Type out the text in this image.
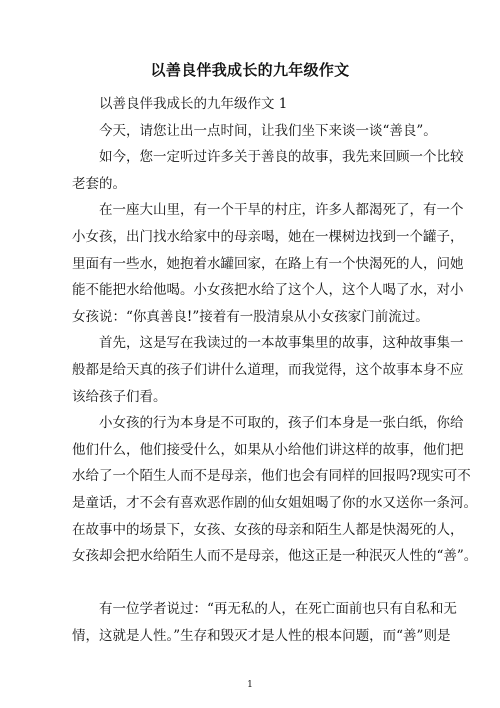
以善良伴我成长的九年级作文
以善良伴我成长的九年级作文 1
今天，请您让出一点时间，让我们坐下来谈一谈“善良”。
如今，您一定听过许多关于善良的故事，我先来回顾一个比较
老套的。
在一座大山里，有一个干旱的村庄，许多人都渴死了，有一个
小女孩，出门找水给家中的母亲喝，她在一棵树边找到一个罐子，
里面有一些水，她抱着水罐回家，在路上有一个快渴死的人，问她
能不能把水给他喝。小女孩把水给了这个人，这个人喝了水，对小
女孩说：“你真善良!”接着有一股清泉从小女孩家门前流过。
首先，这是写在我读过的一本故事集里的故事，这种故事集一
般都是给天真的孩子们讲什么道理，而我觉得，这个故事本身不应
该给孩子们看。
小女孩的行为本身是不可取的，孩子们本身是一张白纸，你给
他们什么，他们接受什么，如果从小给他们讲这样的故事，他们把
水给了一个陌生人而不是母亲，他们也会有同样的回报吗?现实可不
是童话，才不会有喜欢恶作剧的仙女姐姐喝了你的水又送你一条河。
在故事中的场景下，女孩、女孩的母亲和陌生人都是快渴死的人，
女孩却会把水给陌生人而不是母亲，他这正是一种泯灭人性的“善”。
有一位学者说过：“再无私的人，在死亡面前也只有自私和无
情，这就是人性。”生存和毁灭才是人性的根本问题，而“善”则是
1
